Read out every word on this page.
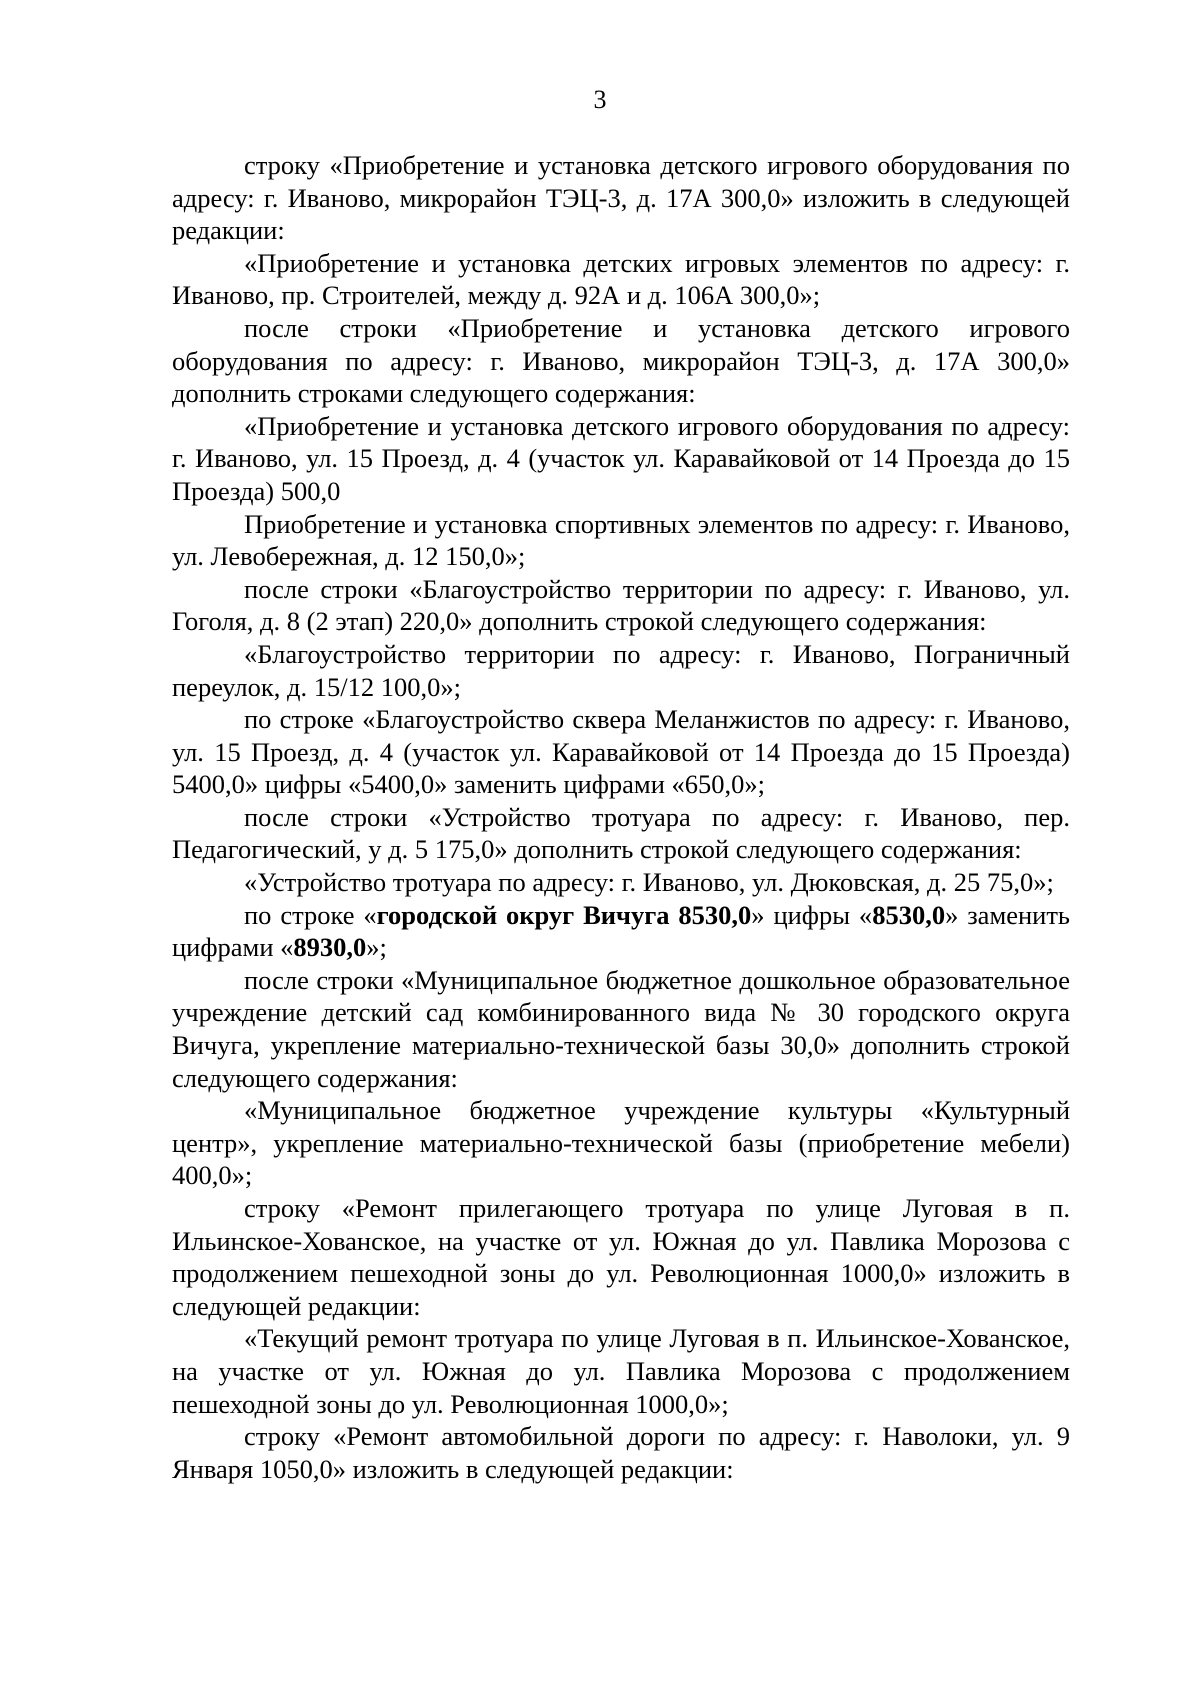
3

строку «Приобретение и установка детского игрового оборудования по адресу: г. Иваново, микрорайон ТЭЦ-3, д. 17А 300,0» изложить в следующей редакции:

«Приобретение и установка детских игровых элементов по адресу: г. Иваново, пр. Строителей, между д. 92А и д. 106А 300,0»;

после строки «Приобретение и установка детского игрового оборудования по адресу: г. Иваново, микрорайон ТЭЦ-3, д. 17А 300,0» дополнить строками следующего содержания:

«Приобретение и установка детского игрового оборудования по адресу: г. Иваново, ул. 15 Проезд, д. 4 (участок ул. Каравайковой от 14 Проезда до 15 Проезда) 500,0

Приобретение и установка спортивных элементов по адресу: г. Иваново, ул. Левобережная, д. 12 150,0»;

после строки «Благоустройство территории по адресу: г. Иваново, ул. Гоголя, д. 8 (2 этап) 220,0» дополнить строкой следующего содержания:

«Благоустройство территории по адресу: г. Иваново, Пограничный переулок, д. 15/12 100,0»;

по строке «Благоустройство сквера Меланжистов по адресу: г. Иваново, ул. 15 Проезд, д. 4 (участок ул. Каравайковой от 14 Проезда до 15 Проезда) 5400,0» цифры «5400,0» заменить цифрами «650,0»;

после строки «Устройство тротуара по адресу: г. Иваново, пер. Педагогический, у д. 5 175,0» дополнить строкой следующего содержания:

«Устройство тротуара по адресу: г. Иваново, ул. Дюковская, д. 25 75,0»;

по строке «городской округ Вичуга 8530,0» цифры «8530,0» заменить цифрами «8930,0»;

после строки «Муниципальное бюджетное дошкольное образовательное учреждение детский сад комбинированного вида № 30 городского округа Вичуга, укрепление материально-технической базы 30,0» дополнить строкой следующего содержания:

«Муниципальное бюджетное учреждение культуры «Культурный центр», укрепление материально-технической базы (приобретение мебели) 400,0»;

строку «Ремонт прилегающего тротуара по улице Луговая в п. Ильинское-Хованское, на участке от ул. Южная до ул. Павлика Морозова с продолжением пешеходной зоны до ул. Революционная 1000,0» изложить в следующей редакции:

«Текущий ремонт тротуара по улице Луговая в п. Ильинское-Хованское, на участке от ул. Южная до ул. Павлика Морозова с продолжением пешеходной зоны до ул. Революционная 1000,0»;

строку «Ремонт автомобильной дороги по адресу: г. Наволоки, ул. 9 Января 1050,0» изложить в следующей редакции:
